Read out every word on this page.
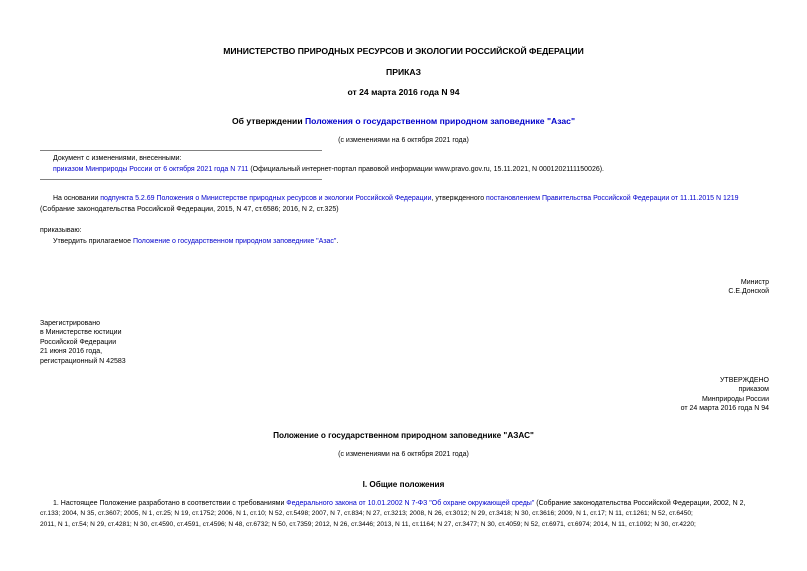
МИНИСТЕРСТВО ПРИРОДНЫХ РЕСУРСОВ И ЭКОЛОГИИ РОССИЙСКОЙ ФЕДЕРАЦИИ
ПРИКАЗ
от 24 марта 2016 года N 94
Об утверждении Положения о государственном природном заповеднике "Азас"
(с изменениями на 6 октября 2021 года)
Документ с изменениями, внесенными:
приказом Минприроды России от 6 октября 2021 года N 711 (Официальный интернет-портал правовой информации www.pravo.gov.ru, 15.11.2021, N 0001202111150026).
На основании подпункта 5.2.69 Положения о Министерстве природных ресурсов и экологии Российской Федерации, утвержденного постановлением Правительства Российской Федерации от 11.11.2015 N 1219
(Собрание законодательства Российской Федерации, 2015, N 47, ст.6586; 2016, N 2, ст.325)
приказываю:
Утвердить прилагаемое Положение о государственном природном заповеднике "Азас".
Министр
С.Е.Донской
Зарегистрировано
в Министерстве юстиции
Российской Федерации
21 июня 2016 года,
регистрационный N 42583
УТВЕРЖДЕНО
приказом
Минприроды России
от 24 марта 2016 года N 94
Положение о государственном природном заповеднике "АЗАС"
(с изменениями на 6 октября 2021 года)
I. Общие положения
1. Настоящее Положение разработано в соответствии с требованиями Федерального закона от 10.01.2002 N 7-ФЗ "Об охране окружающей среды" (Собрание законодательства Российской Федерации, 2002, N 2,
ст.133; 2004, N 35, ст.3607; 2005, N 1, ст.25; N 19, ст.1752; 2006, N 1, ст.10; N 52, ст.5498; 2007, N 7, ст.834; N 27, ст.3213; 2008, N 26, ст.3012; N 29, ст.3418; N 30, ст.3616; 2009, N 1, ст.17; N 11, ст.1261; N 52, ст.6450;
2011, N 1, ст.54; N 29, ст.4281; N 30, ст.4590, ст.4591, ст.4596; N 48, ст.6732; N 50, ст.7359; 2012, N 26, ст.3446; 2013, N 11, ст.1164; N 27, ст.3477; N 30, ст.4059; N 52, ст.6971, ст.6974; 2014, N 11, ст.1092; N 30, ст.4220;
